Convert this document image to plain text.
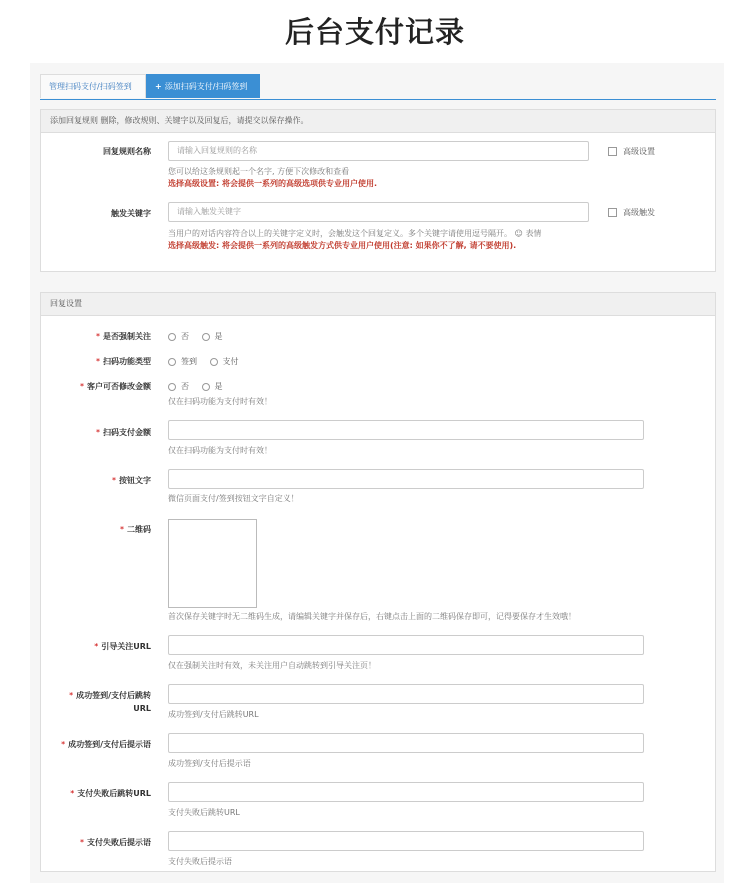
后台支付记录
管理扫码支付/扫码签到	+ 添加扫码支付/扫码签到
添加回复规则 删除，修改规则、关键字以及回复后，请提交以保存操作。
回复规则名称	请输入回复规则的名称	高级设置
您可以给这条规则起一个名字, 方便下次修改和查看
选择高级设置: 将会提供一系列的高级选项供专业用户使用.
触发关键字	请输入触发关键字	高级触发
当用户的对话内容符合以上的关键字定义时，会触发这个回复定义。多个关键字请使用逗号隔开。 ☺ 表情
选择高级触发: 将会提供一系列的高级触发方式供专业用户使用(注意: 如果你不了解, 请不要使用).
回复设置
* 是否强制关注	否	是
* 扫码功能类型	签到	支付
* 客户可否修改金额	否	是
仅在扫码功能为支付时有效！
* 扫码支付金额
仅在扫码功能为支付时有效！
* 按钮文字
微信页面支付/签到按钮文字自定义！
* 二维码
首次保存关键字时无二维码生成，请编辑关键字并保存后，右键点击上面的二维码保存即可，记得要保存才生效哦！
* 引导关注URL
仅在强制关注时有效，未关注用户自动跳转到引导关注页！
* 成功签到/支付后跳转
URL
成功签到/支付后跳转URL
* 成功签到/支付后提示语
成功签到/支付后提示语
* 支付失败后跳转URL
支付失败后跳转URL
* 支付失败后提示语
支付失败后提示语
